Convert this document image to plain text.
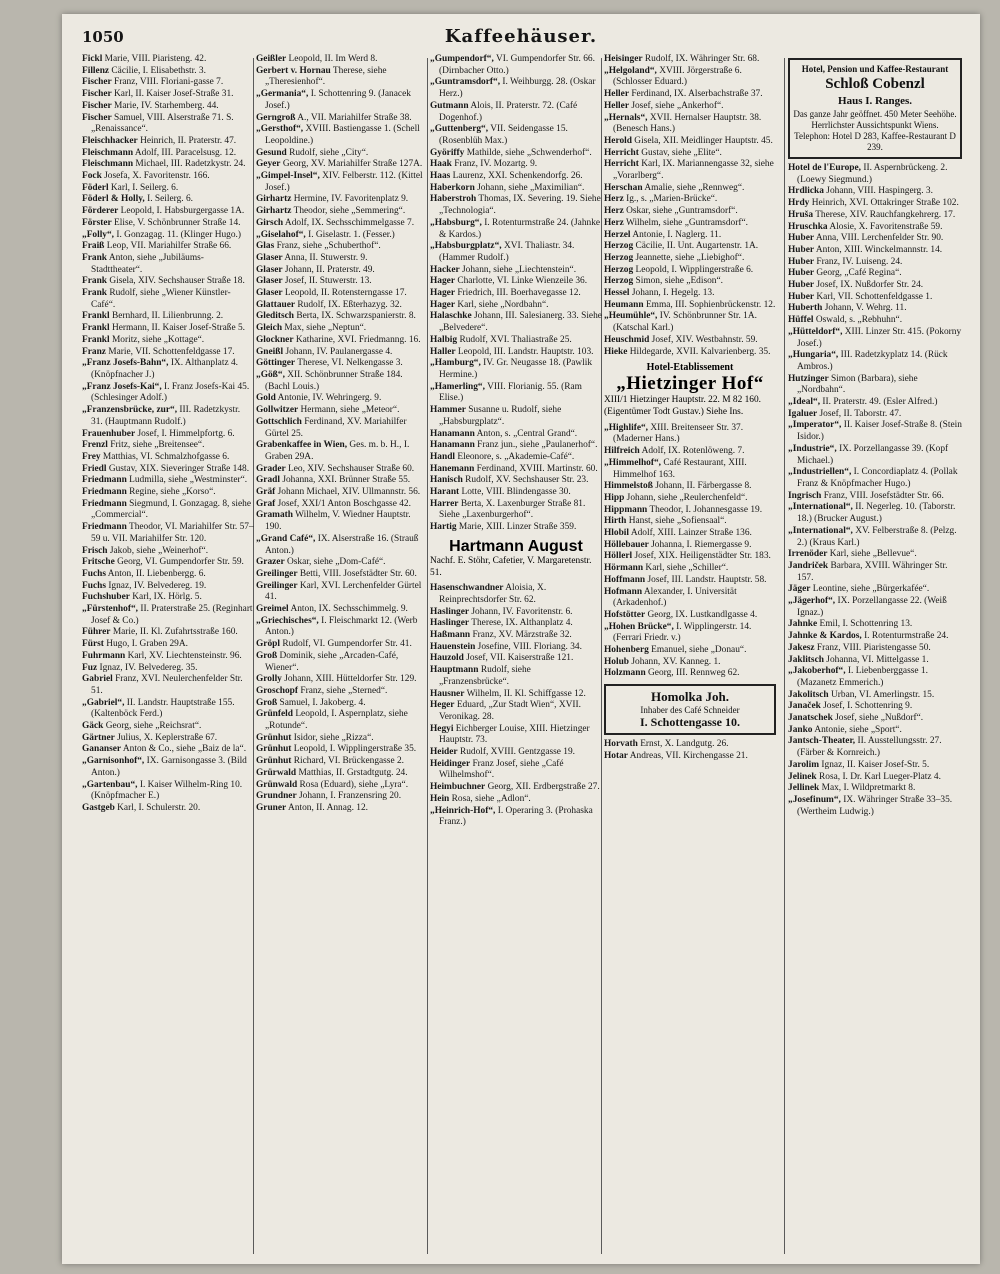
1050	Kaffeehäuser.
Fickl Marie, VIII. Piaristeng. 42.
Fillenz Cäcilie, I. Elisabethstr. 3.
Fischer Franz, VIII. Floriani-gasse 7.
Fischer Karl, II. Kaiser Josef-Straße 31.
Fischer Marie, IV. Starhemberg. 44.
Fischer Samuel, VIII. Alserstraße 71. S. „Renaissance“.
Fleischhacker Heinrich, II. Praterstr. 47.
Fleischmann Adolf, III. Paracelsusg. 12.
Fleischmann Michael, III. Radetzkystr. 24.
Fock Josefa, X. Favoritenstr. 166.
Föderl Karl, I. Seilerg. 6.
Föderl & Holly, I. Seilerg. 6.
Förderer Leopold, I. Habsburgergasse 1A.
Förster Elise, V. Schönbrunner Straße 14.
„Folly“, I. Gonzagag. 11. (Klinger Hugo.)
Fraiß Leop, VII. Mariahilfer Straße 66.
Frank Anton, siehe „Jubiläums-Stadttheater“.
Frank Gisela, XIV. Sechshauser Straße 18.
Frank Rudolf, siehe „Wiener Künstler-Café“.
Frankl Bernhard, II. Lilienbrunng. 2.
Frankl Hermann, II. Kaiser Josef-Straße 5.
Frankl Moritz, siehe „Kottage“.
Franz Marie, VII. Schottenfeldgasse 17.
„Franz Josefs-Bahn“, IX. Althanplatz 4. (Knöpfnacher J.)
„Franz Josefs-Kai“, I. Franz Josefs-Kai 45. (Schlesinger Adolf.)
„Franzensbrücke, zur“, III. Radetzkystr. 31. (Hauptmann Rudolf.)
Frauenhuber Josef, I. Himmelpfortg. 6.
Frenzl Fritz, siehe „Breitensee“.
Frey Matthias, VI. Schmalzhofgasse 6.
Friedl Gustav, XIX. Sieveringer Straße 148.
Friedmann Ludmilla, siehe „Westminster“.
Friedmann Regine, siehe „Korso“.
Friedmann Siegmund, I. Gonzagag. 8, siehe „Commercial“.
Friedmann Theodor, VI. Mariahilfer Str. 57–59 u. VII. Mariahilfer Str. 120.
Frisch Jakob, siehe „Weinerhof“.
Fritsche Georg, VI. Gumpendorfer Str. 59.
Fuchs Anton, II. Liebenbergg. 6.
Fuchs Ignaz, IV. Belvedereg. 19.
Fuchshuber Karl, IX. Hörlg. 5.
„Fürstenhof“, II. Praterstraße 25. (Reginhart Josef & Co.)
Führer Marie, II. Kl. Zufahrtsstraße 160.
Fürst Hugo, I. Graben 29A.
Fuhrmann Karl, XV. Liechtensteinstr. 96.
Fuz Ignaz, IV. Belvedereg. 35.
Gabriel Franz, XVI. Neulerchenfelder Str. 51.
„Gabriel“, II. Landstr. Hauptstraße 155. (Kaltenböck Ferd.)
Gäck Georg, siehe „Reichsrat“.
Gärtner Julius, X. Keplerstraße 67.
Gananser Anton & Co., siehe „Baiz de la“.
„Garnisonhof“, IX. Garnisongasse 3. (Bild Anton.)
„Gartenbau“, I. Kaiser Wilhelm-Ring 10. (Knöpfmacher E.)
Gastgeb Karl, I. Schulerstr. 20.
Geißler Leopold, II. Im Werd 8.
Gerbert v. Hornau Therese, siehe „Theresienhof“.
„Germania“, I. Schottenring 9. (Janacek Josef.)
Gerngroß A., VII. Mariahilfer Straße 38.
„Gersthof“, XVIII. Bastiengasse 1. (Schell Leopoldine.)
Gesund Rudolf, siehe „City“.
Geyer Georg, XV. Mariahilfer Straße 127A.
„Gimpel-Insel“, XIV. Felberstr. 112. (Kittel Josef.)
Girhartz Hermine, IV. Favoritenplatz 9.
Girhartz Theodor, siehe „Semmering“.
Girsch Adolf, IX. Sechsschimmelgasse 7.
„Giselahof“, I. Giselastr. 1. (Fesser.)
Glas Franz, siehe „Schuberthof“.
Glaser Anna, II. Stuwerstr. 9.
Glaser Johann, II. Praterstr. 49.
Glaser Josef, II. Stuwerstr. 13.
Glaser Leopold, II. Rotensterngasse 17.
Glattauer Rudolf, IX. Eßterhazyg. 32.
Gleditsch Berta, IX. Schwarzspanierstr. 8.
Gleich Max, siehe „Neptun“.
Glockner Katharine, XVI. Friedmanng. 16.
Gneißl Johann, IV. Paulanergasse 4.
Göttinger Therese, VI. Nelkengasse 3.
„Göß“, XII. Schönbrunner Straße 184. (Bachl Louis.)
Gold Antonie, IV. Wehringerg. 9.
Gollwitzer Hermann, siehe „Meteor“.
Gottschlich Ferdinand, XV. Mariahilfer Gürtel 25.
Grabenkaffee in Wien, Ges. m. b. H., I. Graben 29A.
Grader Leo, XIV. Sechshauser Straße 60.
Gradl Johanna, XXI. Brünner Straße 55.
Gräf Johann Michael, XIV. Ullmannstr. 56.
Graf Josef, XXI/1 Anton Boschgasse 42.
Gramath Wilhelm, V. Wiedner Hauptstr. 190.
„Grand Café“, IX. Alserstraße 16. (Strauß Anton.)
Grazer Oskar, siehe „Dom-Café“.
Greilinger Betti, VIII. Josefstädter Str. 60.
Greilinger Karl, XVI. Lerchenfelder Gürtel 41.
Greimel Anton, IX. Sechsschimmelg. 9.
„Griechisches“, I. Fleischmarkt 12. (Werb Anton.)
Gröpl Rudolf, VI. Gumpendorfer Str. 41.
Groß Dominik, siehe „Arcaden-Café, Wiener“.
Grolly Johann, XIII. Hütteldorfer Str. 129.
Groschopf Franz, siehe „Sterned“.
Groß Samuel, I. Jakoberg. 4.
Grünfeld Leopold, I. Aspernplatz, siehe „Rotunde“.
Grünhut Isidor, siehe „Rizza“.
Grünhut Leopold, I. Wipplingerstraße 35.
Grünhut Richard, VI. Brückengasse 2.
Grürwald Matthias, II. Grstadtgutg. 24.
Grünwald Rosa (Eduard), siehe „Lyra“.
Grundner Johann, I. Franzensring 20.
Gruner Anton, II. Annag. 12.
„Gumpendorf“, VI. Gumpendorfer Str. 66. (Dirnbacher Otto.)
„Guntramsdorf“, I. Weihburgg. 28. (Oskar Herz.)
Gutmann Alois, II. Praterstr. 72. (Café Dogenhof.)
„Guttenberg“, VII. Seidengasse 15. (Rosenblüh Max.)
Györiffy Mathilde, siehe „Schwenderhof“.
Haak Franz, IV. Mozartg. 9.
Haas Laurenz, XXI. Schenkendorfg. 26.
Haberkorn Johann, siehe „Maximilian“.
Haberstroh Thomas, IX. Severing. 19. Siehe „Technologia“.
„Habsburg“, I. Rotenturmstraße 24. (Jahnke & Kardos.)
„Habsburgplatz“, XVI. Thaliastr. 34. (Hammer Rudolf.)
Hacker Johann, siehe „Liechtenstein“.
Hager Charlotte, VI. Linke Wienzeile 36.
Hager Friedrich, III. Boerhavegasse 12.
Hager Karl, siehe „Nordbahn“.
Halaschke Johann, III. Salesianerg. 33. Siehe „Belvedere“.
Halbig Rudolf, XVI. Thaliastraße 25.
Haller Leopold, III. Landstr. Hauptstr. 103.
„Hamburg“, IV. Gr. Neugasse 18. (Pawlik Hermine.)
„Hamerling“, VIII. Florianig. 55. (Ram Elise.)
Hammer Susanne u. Rudolf, siehe „Habsburgplatz“.
Hanamann Anton, s. „Central Grand“.
Hanamann Franz jun., siehe „Paulanerhof“.
Handl Eleonore, s. „Akademie-Café“.
Hanemann Ferdinand, XVIII. Martinstr. 60.
Hanisch Rudolf, XV. Sechshauser Str. 23.
Harant Lotte, VIII. Blindengasse 30.
Harrer Berta, X. Laxenburger Straße 81. Siehe „Laxenburgerhof“.
Hartig Marie, XIII. Linzer Straße 359.
Hartmann August
Nachf. E. Stöhr, Cafetier, V. Margaretenstr. 51.
Hasenschwandner Aloisia, X. Reinprechtsdorfer Str. 62.
Haslinger Johann, IV. Favoritenstr. 6.
Haslinger Therese, IX. Althanplatz 4.
Haßmann Franz, XV. Märzstraße 32.
Hauenstein Josefine, VIII. Floriang. 34.
Hauzold Josef, VII. Kaiserstraße 121.
Hauptmann Rudolf, siehe „Franzensbrücke“.
Hausner Wilhelm, II. Kl. Schiffgasse 12.
Heger Eduard, „Zur Stadt Wien“, XVII. Veronikag. 28.
Hegyi Eichberger Louise, XIII. Hietzinger Hauptstr. 73.
Heider Rudolf, XVIII. Gentzgasse 19.
Heidinger Franz Josef, siehe „Café Wilhelmshof“.
Heimbuchner Georg, XII. Erdbergstraße 27.
Hein Rosa, siehe „Adlon“.
„Heinrich-Hof“, I. Operaring 3. (Prohaska Franz.)
Heisinger Rudolf, IX. Währinger Str. 68.
„Helgoland“, XVIII. Jörgerstraße 6. (Schlosser Eduard.)
Heller Ferdinand, IX. Alserbachstraße 37.
Heller Josef, siehe „Ankerhof“.
„Hernals“, XVII. Hernalser Hauptstr. 38. (Benesch Hans.)
Herold Gisela, XII. Meidlinger Hauptstr. 45.
Herricht Gustav, siehe „Elite“.
Herricht Karl, IX. Mariannengasse 32, siehe „Vorarlberg“.
Herschan Amalie, siehe „Rennweg“.
Herz Ig., s. „Marien-Brücke“.
Herz Oskar, siehe „Guntramsdorf“.
Herz Wilhelm, siehe „Guntramsdorf“.
Herzel Antonie, I. Naglerg. 11.
Herzog Cäcilie, II. Unt. Augartenstr. 1A.
Herzog Jeannette, siehe „Liebighof“.
Herzog Leopold, I. Wipplingerstraße 6.
Herzog Simon, siehe „Edison“.
Hessel Johann, I. Hegelg. 13.
Heumann Emma, III. Sophienbrückenstr. 12.
„Heumühle“, IV. Schönbrunner Str. 1A. (Katschal Karl.)
Heuschmid Josef, XIV. Westbahnstr. 59.
Hieke Hildegarde, XVII. Kalvarienberg. 35.
Hotel-Etablissement
„Hietzinger Hof“
XIII/1 Hietzinger Hauptstr. 22. M 82 160. (Eigentümer Todt Gustav.) Siehe Ins.
„Highlife“, XIII. Breitenseer Str. 37. (Maderner Hans.)
Hilfreich Adolf, IX. Rotenlöweng. 7.
„Himmelhof“, Café Restaurant, XIII. Himmelhof 163.
Himmelstoß Johann, II. Färbergasse 8.
Hipp Johann, siehe „Reulerchenfeld“.
Hippmann Theodor, I. Johannesgasse 19.
Hirth Hanst, siehe „Sofiensaal“.
Hlobil Adolf, XIII. Lainzer Straße 136.
Höllebauer Johanna, I. Riemergasse 9.
Höllerl Josef, XIX. Heiligenstädter Str. 183.
Hörmann Karl, siehe „Schiller“.
Hoffmann Josef, III. Landstr. Hauptstr. 58.
Hofmann Alexander, I. Universität (Arkadenhof.)
Hofstötter Georg, IX. Lustkandlgasse 4.
„Hohen Brücke“, I. Wipplingerstr. 14. (Ferrari Friedr. v.)
Hohenberg Emanuel, siehe „Donau“.
Holub Johann, XV. Kanneg. 1.
Holzmann Georg, III. Rennweg 62.
Homolka Joh.
Inhaber des Café Schneider
I. Schottengasse 10.
Horvath Ernst, X. Landgutg. 26.
Hotar Andreas, VII. Kirchengasse 21.
Hotel, Pension und Kaffee-Restaurant
Schloß Cobenzl
Haus I. Ranges.
Das ganze Jahr geöffnet. 450 Meter Seehöhe. Herrlichster Aussichtspunkt Wiens. Telephon: Hotel D 283, Kaffee-Restaurant D 239.
Hotel de l'Europe, II. Aspernbrückeng. 2. (Loewy Siegmund.)
Hrdlicka Johann, VIII. Haspingerg. 3.
Hrdy Heinrich, XVI. Ottakringer Straße 102.
Hruša Therese, XIV. Rauchfangkehrerg. 17.
Hruschka Alosie, X. Favoritenstraße 59.
Huber Anna, VIII. Lerchenfelder Str. 90.
Huber Anton, XIII. Winckelmannstr. 14.
Huber Franz, IV. Luiseng. 24.
Huber Georg, „Café Regina“.
Huber Josef, IX. Nußdorfer Str. 24.
Huber Karl, VII. Schottenfeldgasse 1.
Huberth Johann, V. Wehrg. 11.
Hüffel Oswald, s. „Rebhuhn“.
„Hütteldorf“, XIII. Linzer Str. 415. (Pokorny Josef.)
„Hungaria“, III. Radetzkyplatz 14. (Rück Ambros.)
Hutzinger Simon (Barbara), siehe „Nordbahn“.
„Ideal“, II. Praterstr. 49. (Esler Alfred.)
Igaluer Josef, II. Taborstr. 47.
„Imperator“, II. Kaiser Josef-Straße 8. (Stein Isidor.)
„Industrie“, IX. Porzellangasse 39. (Kopf Michael.)
„Industriellen“, I. Concordiaplatz 4. (Pollak Franz & Knöpfmacher Hugo.)
Ingrisch Franz, VIII. Josefstädter Str. 66.
„International“, II. Negerleg. 10. (Taborstr. 18.) (Brucker August.)
„International“, XV. Felberstraße 8. (Pelzg. 2.) (Kraus Karl.)
Irrenöder Karl, siehe „Bellevue“.
Jandriček Barbara, XVIII. Währinger Str. 157.
Jäger Leontine, siehe „Bürgerkafée“.
„Jägerhof“, IX. Porzellangasse 22. (Weiß Ignaz.)
Jahnke Emil, I. Schottenring 13.
Jahnke & Kardos, I. Rotenturmstraße 24.
Jakesz Franz, VIII. Piaristengasse 50.
Jaklitsch Johanna, VI. Mittelgasse 1.
„Jakoberhof“, I. Liebenberggasse 1. (Mazanetz Emmerich.)
Jakolitsch Urban, VI. Amerlingstr. 15.
Janaček Josef, I. Schottenring 9.
Janatschek Josef, siehe „Nußdorf“.
Janko Antonie, siehe „Sport“.
Jantsch-Theater, II. Ausstellungsstr. 27. (Färber & Kornreich.)
Jarolim Ignaz, II. Kaiser Josef-Str. 5.
Jelinek Rosa, I. Dr. Karl Lueger-Platz 4.
Jellinek Max, I. Wildpretmarkt 8.
„Josefinum“, IX. Währinger Straße 33–35. (Wertheim Ludwig.)
